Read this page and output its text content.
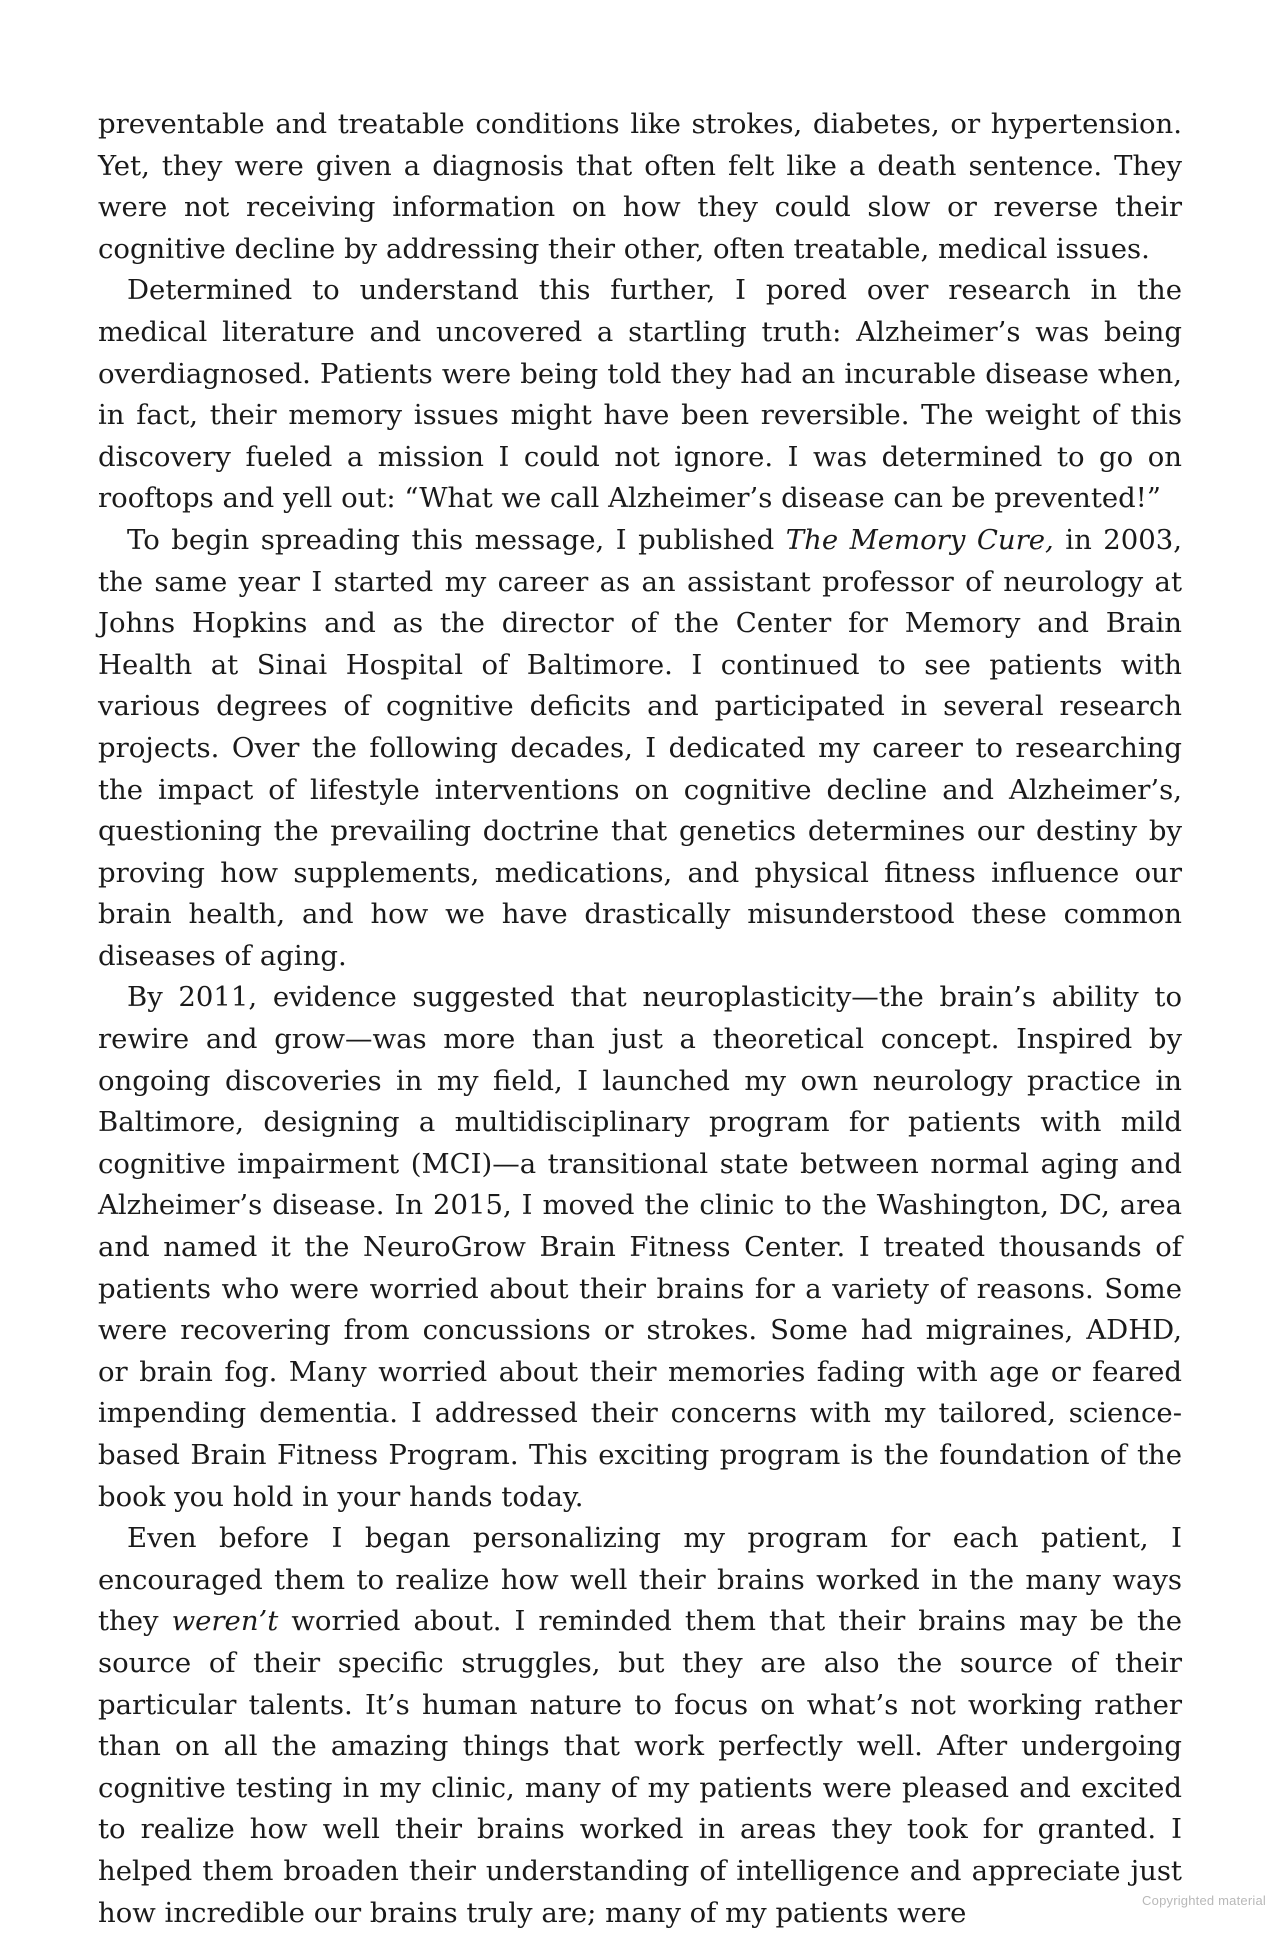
preventable and treatable conditions like strokes, diabetes, or hypertension. Yet, they were given a diagnosis that often felt like a death sentence. They were not receiving information on how they could slow or reverse their cognitive decline by addressing their other, often treatable, medical issues.

Determined to understand this further, I pored over research in the medical literature and uncovered a startling truth: Alzheimer’s was being overdiagnosed. Patients were being told they had an incurable disease when, in fact, their memory issues might have been reversible. The weight of this discovery fueled a mission I could not ignore. I was determined to go on rooftops and yell out: “What we call Alzheimer’s disease can be prevented!”

To begin spreading this message, I published The Memory Cure, in 2003, the same year I started my career as an assistant professor of neurology at Johns Hopkins and as the director of the Center for Memory and Brain Health at Sinai Hospital of Baltimore. I continued to see patients with various degrees of cognitive deficits and participated in several research projects. Over the following decades, I dedicated my career to researching the impact of lifestyle interventions on cognitive decline and Alzheimer’s, questioning the prevailing doctrine that genetics determines our destiny by proving how supplements, medications, and physical fitness influence our brain health, and how we have drastically misunderstood these common diseases of aging.

By 2011, evidence suggested that neuroplasticity—the brain’s ability to rewire and grow—was more than just a theoretical concept. Inspired by ongoing discoveries in my field, I launched my own neurology practice in Baltimore, designing a multidisciplinary program for patients with mild cognitive impairment (MCI)—a transitional state between normal aging and Alzheimer’s disease. In 2015, I moved the clinic to the Washington, DC, area and named it the NeuroGrow Brain Fitness Center. I treated thousands of patients who were worried about their brains for a variety of reasons. Some were recovering from concussions or strokes. Some had migraines, ADHD, or brain fog. Many worried about their memories fading with age or feared impending dementia. I addressed their concerns with my tailored, science-based Brain Fitness Program. This exciting program is the foundation of the book you hold in your hands today.

Even before I began personalizing my program for each patient, I encouraged them to realize how well their brains worked in the many ways they weren’t worried about. I reminded them that their brains may be the source of their specific struggles, but they are also the source of their particular talents. It’s human nature to focus on what’s not working rather than on all the amazing things that work perfectly well. After undergoing cognitive testing in my clinic, many of my patients were pleased and excited to realize how well their brains worked in areas they took for granted. I helped them broaden their understanding of intelligence and appreciate just how incredible our brains truly are; many of my patients were	Copyrighted material
